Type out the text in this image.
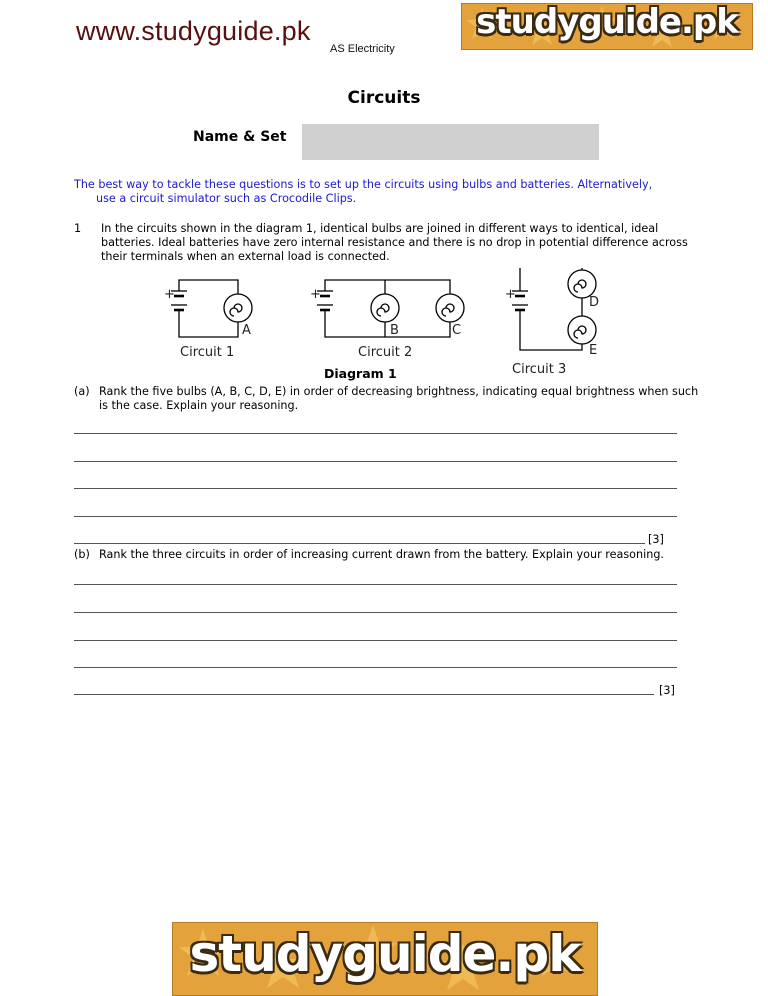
www.studyguide.pk
AS Electricity
studyguide.pk
Circuits
Name & Set
The best way to tackle these questions is to set up the circuits using bulbs and batteries. Alternatively,
use a circuit simulator such as Crocodile Clips.
1 In the circuits shown in the diagram 1, identical bulbs are joined in different ways to identical, ideal batteries. Ideal batteries have zero internal resistance and there is no drop in potential difference across their terminals when an external load is connected.
+	+	+
A	B	C
D
E
Circuit 1	Circuit 2
Circuit 3
Diagram 1
(a) Rank the five bulbs (A, B, C, D, E) in order of decreasing brightness, indicating equal brightness when such is the case. Explain your reasoning.
[3]
(b) Rank the three circuits in order of increasing current drawn from the battery. Explain your reasoning.
[3]
studyguide.pk
